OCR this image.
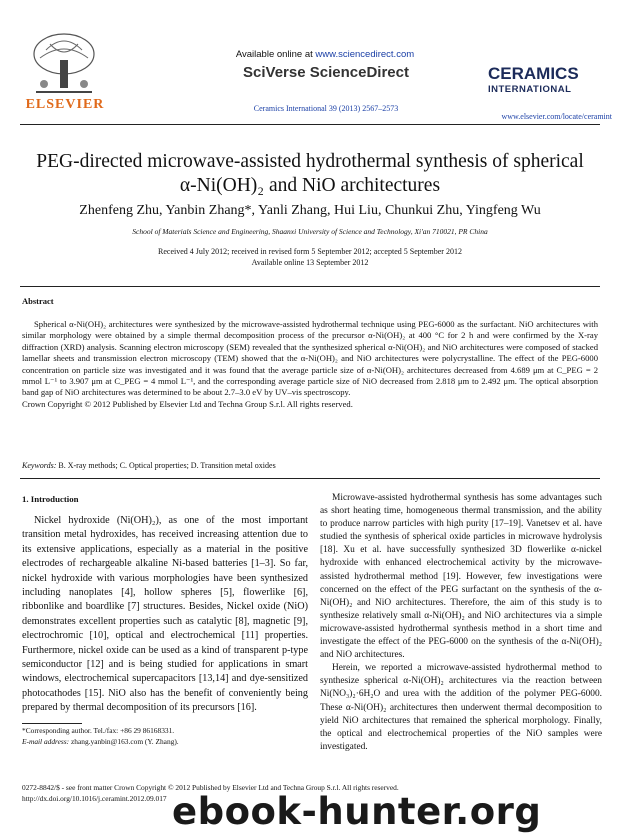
ELSEVIER
Available online at www.sciencedirect.com
SciVerse ScienceDirect
Ceramics International 39 (2013) 2567–2573
CERAMICS
INTERNATIONAL
www.elsevier.com/locate/ceramint
PEG-directed microwave-assisted hydrothermal synthesis of spherical
α-Ni(OH)₂ and NiO architectures
Zhenfeng Zhu, Yanbin Zhang*, Yanli Zhang, Hui Liu, Chunkui Zhu, Yingfeng Wu
School of Materials Science and Engineering, Shaanxi University of Science and Technology, Xi'an 710021, PR China
Received 4 July 2012; received in revised form 5 September 2012; accepted 5 September 2012
Available online 13 September 2012
Abstract

Spherical α-Ni(OH)₂ architectures were synthesized by the microwave-assisted hydrothermal technique using PEG-6000 as the surfactant. NiO architectures with similar morphology were obtained by a simple thermal decomposition process of the precursor α-Ni(OH)₂ at 400 °C for 2 h and were confirmed by the X-ray diffraction (XRD) analysis. Scanning electron microscopy (SEM) revealed that the synthesized spherical α-Ni(OH)₂ and NiO architectures were composed of stacked lamellar sheets and transmission electron microscopy (TEM) showed that the α-Ni(OH)₂ and NiO architectures were polycrystalline. The effect of the PEG-6000 concentration on particle size was investigated and it was found that the average particle size of α-Ni(OH)₂ architectures decreased from 4.689 μm at C_PEG = 2 mmol L⁻¹ to 3.907 μm at C_PEG = 4 mmol L⁻¹, and the corresponding average particle size of NiO decreased from 2.818 μm to 2.492 μm. The optical absorption band gap of NiO architectures was determined to be about 2.7–3.0 eV by UV–vis spectroscopy.

Crown Copyright © 2012 Published by Elsevier Ltd and Techna Group S.r.l. All rights reserved.
Keywords: B. X-ray methods; C. Optical properties; D. Transition metal oxides
1. Introduction

Nickel hydroxide (Ni(OH)₂), as one of the most important transition metal hydroxides, has received increasing attention due to its extensive applications, especially as a material in the positive electrodes of rechargeable alkaline Ni-based batteries [1–3]. So far, nickel hydroxide with various morphologies have been synthesized including nanoplates [4], hollow spheres [5], flowerlike [6], ribbonlike and boardlike [7] structures. Besides, Nickel oxide (NiO) demonstrates excellent properties such as catalytic [8], magnetic [9], electrochromic [10], optical and electrochemical [11] properties. Furthermore, nickel oxide can be used as a kind of transparent p-type semiconductor [12] and is being studied for applications in smart windows, electrochemical supercapacitors [13,14] and dye-sensitized photocathodes [15]. NiO also has the benefit of conveniently being prepared by thermal decomposition of its precursors [16].

Microwave-assisted hydrothermal synthesis has some advantages such as short heating time, homogeneous thermal transmission, and the ability to produce narrow particles with high purity [17–19]. Vanetsev et al. have studied the synthesis of spherical oxide particles in microwave hydrolysis [18]. Xu et al. have successfully synthesized 3D flowerlike α-nickel hydroxide with enhanced electrochemical activity by the microwave-assisted hydrothermal method [19]. However, few investigations were concerned on the effect of the PEG surfactant on the synthesis of the α-Ni(OH)₂ and NiO architectures. Therefore, the aim of this study is to synthesize relatively small α-Ni(OH)₂ and NiO architectures via a simple microwave-assisted hydrothermal synthesis method in a short time and investigate the effect of the PEG-6000 on the synthesis of the α-Ni(OH)₂ and NiO architectures.

Herein, we reported a microwave-assisted hydrothermal method to synthesize spherical α-Ni(OH)₂ architectures via the reaction between Ni(NO₃)₂·6H₂O and urea with the addition of the polymer PEG-6000. These α-Ni(OH)₂ architectures then underwent thermal decomposition to yield NiO architectures that remained the spherical morphology. Finally, the optical and electrochemical properties of the NiO samples were investigated.

*Corresponding author. Tel./fax: +86 29 86168331.
E-mail address: zhang.yanbin@163.com (Y. Zhang).
0272-8842/$ - see front matter Crown Copyright © 2012 Published by Elsevier Ltd and Techna Group S.r.l. All rights reserved.
http://dx.doi.org/10.1016/j.ceramint.2012.09.017 ebook-hunter.org
